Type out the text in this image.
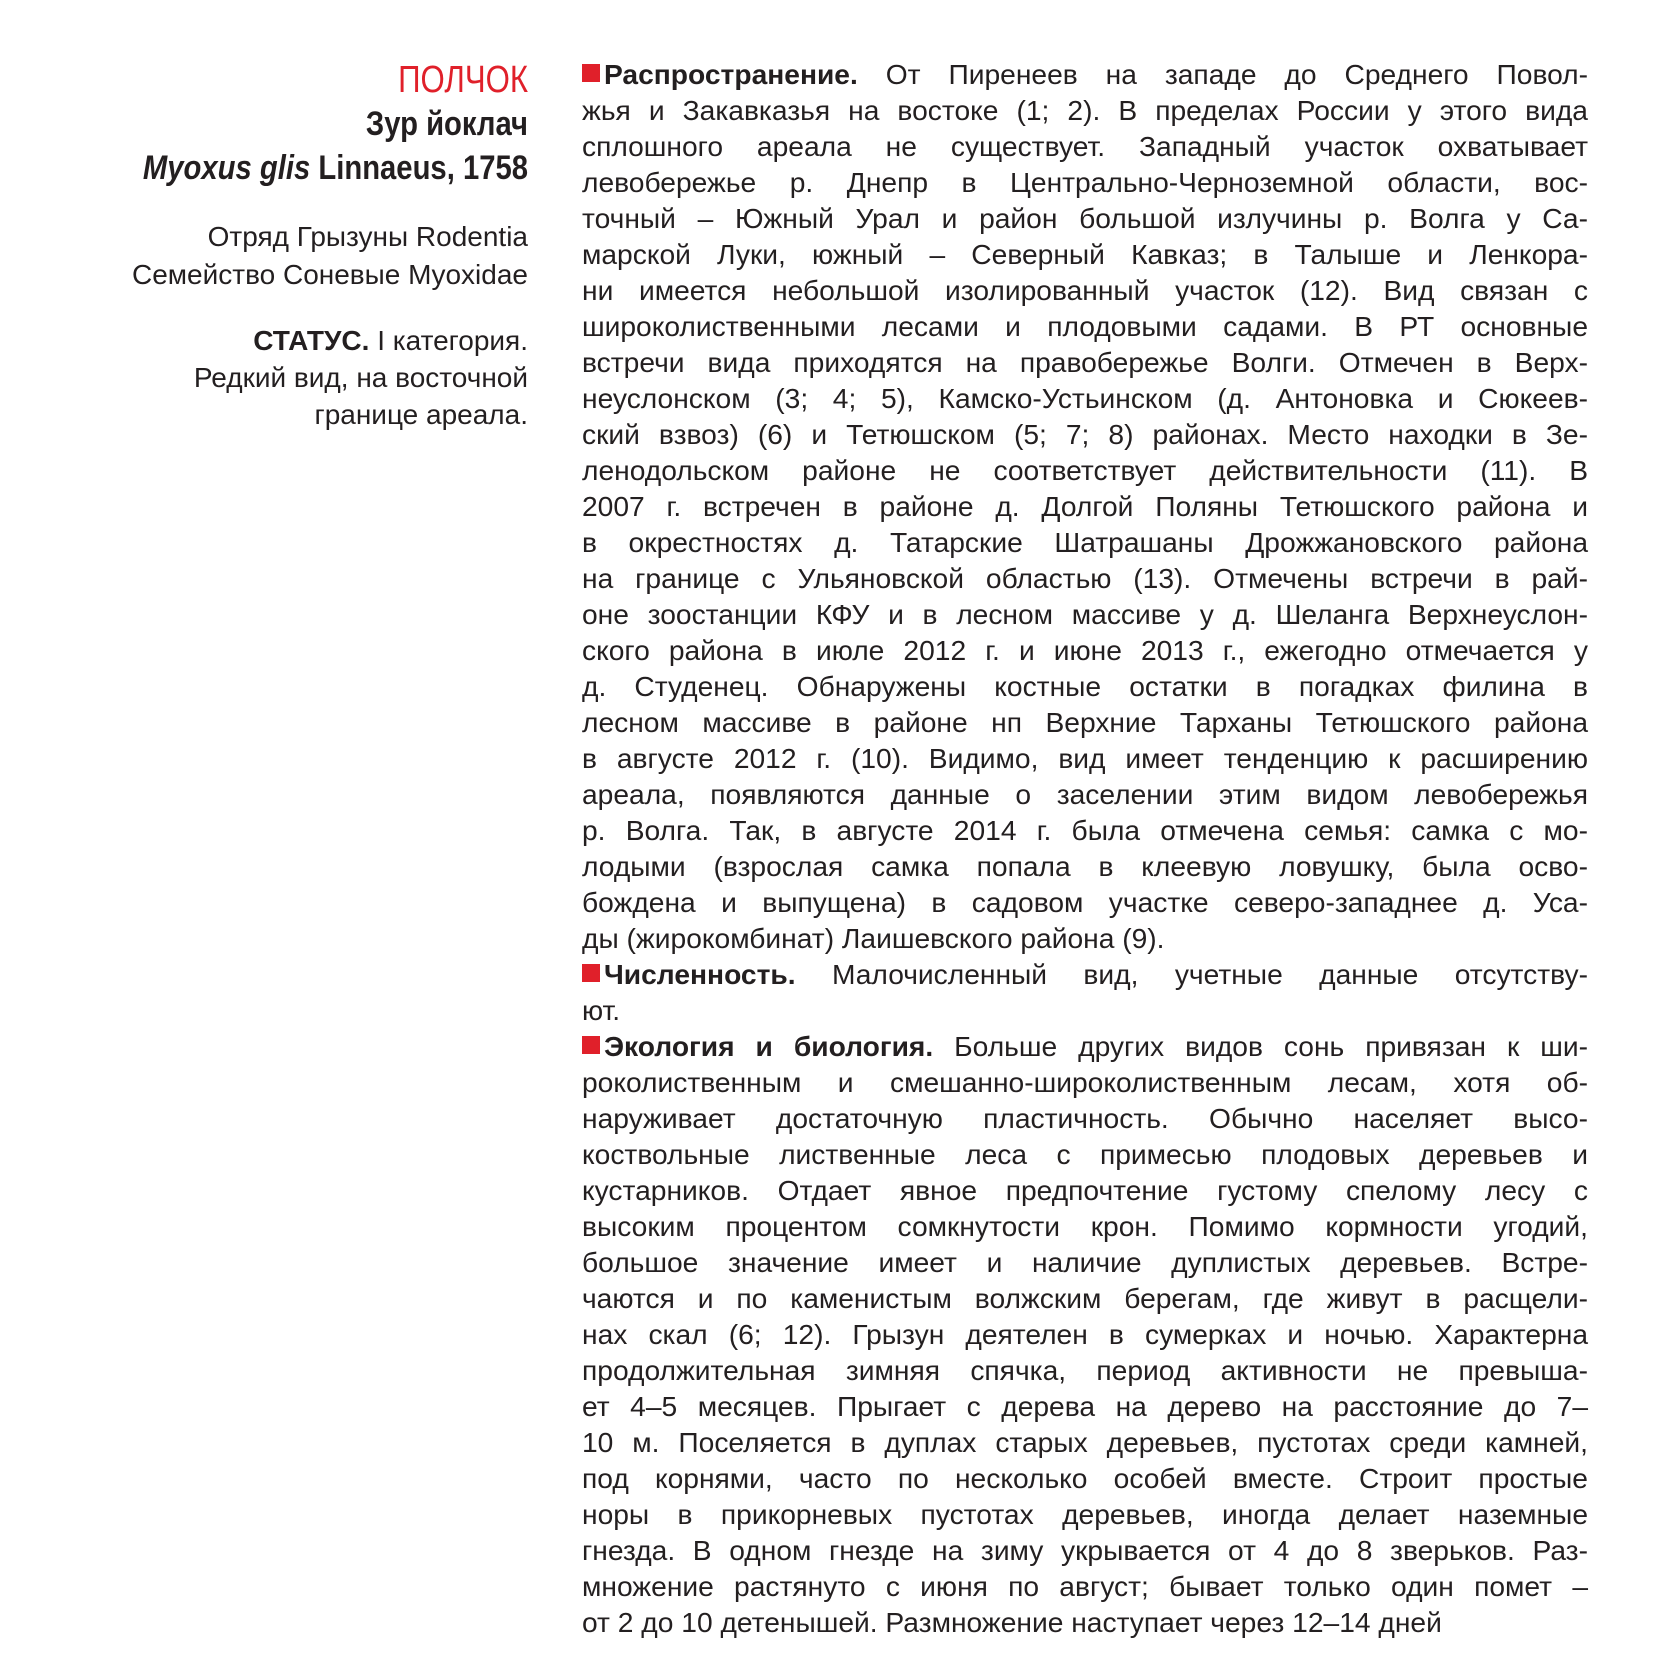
ПОЛЧОК
Зур йоклач
Myoxus glis Linnaeus, 1758
Отряд Грызуны Rodentia
Семейство Соневые Myoxidae
СТАТУС. I категория.
Редкий вид, на восточной
границе ареала.
Распространение. От Пиренеев на западе до Среднего Повол-
жья и Закавказья на востоке (1; 2). В пределах России у этого вида
сплошного ареала не существует. Западный участок охватывает
левобережье р. Днепр в Центрально-Черноземной области, вос-
точный – Южный Урал и район большой излучины р. Волга у Са-
марской Луки, южный – Северный Кавказ; в Талыше и Ленкора-
ни имеется небольшой изолированный участок (12). Вид связан с
широколиственными лесами и плодовыми садами. В РТ основные
встречи вида приходятся на правобережье Волги. Отмечен в Верх-
неуслонском (3; 4; 5), Камско-Устьинском (д. Антоновка и Сюкеев-
ский взвоз) (6) и Тетюшском (5; 7; 8) районах. Место находки в Зе-
ленодольском районе не соответствует действительности (11). В
2007 г. встречен в районе д. Долгой Поляны Тетюшского района и
в окрестностях д. Татарские Шатрашаны Дрожжановского района
на границе с Ульяновской областью (13). Отмечены встречи в рай-
оне зоостанции КФУ и в лесном массиве у д. Шеланга Верхнеуслон-
ского района в июле 2012 г. и июне 2013 г., ежегодно отмечается у
д. Студенец. Обнаружены костные остатки в погадках филина в
лесном массиве в районе нп Верхние Тарханы Тетюшского района
в августе 2012 г. (10). Видимо, вид имеет тенденцию к расширению
ареала, появляются данные о заселении этим видом левобережья
р. Волга. Так, в августе 2014 г. была отмечена семья: самка с мо-
лодыми (взрослая самка попала в клеевую ловушку, была осво-
бождена и выпущена) в садовом участке северо-западнее д. Уса-
ды (жирокомбинат) Лаишевского района (9).
Численность. Малочисленный вид, учетные данные отсутству-
ют.
Экология и биология. Больше других видов сонь привязан к ши-
роколиственным и смешанно-широколиственным лесам, хотя об-
наруживает достаточную пластичность. Обычно населяет высо-
коствольные лиственные леса с примесью плодовых деревьев и
кустарников. Отдает явное предпочтение густому спелому лесу с
высоким процентом сомкнутости крон. Помимо кормности угодий,
большое значение имеет и наличие дуплистых деревьев. Встре-
чаются и по каменистым волжским берегам, где живут в расщели-
нах скал (6; 12). Грызун деятелен в сумерках и ночью. Характерна
продолжительная зимняя спячка, период активности не превыша-
ет 4–5 месяцев. Прыгает с дерева на дерево на расстояние до 7–
10 м. Поселяется в дуплах старых деревьев, пустотах среди камней,
под корнями, часто по несколько особей вместе. Строит простые
норы в прикорневых пустотах деревьев, иногда делает наземные
гнезда. В одном гнезде на зиму укрывается от 4 до 8 зверьков. Раз-
множение растянуто с июня по август; бывает только один помет –
от 2 до 10 детенышей. Размножение наступает через 12–14 дней
